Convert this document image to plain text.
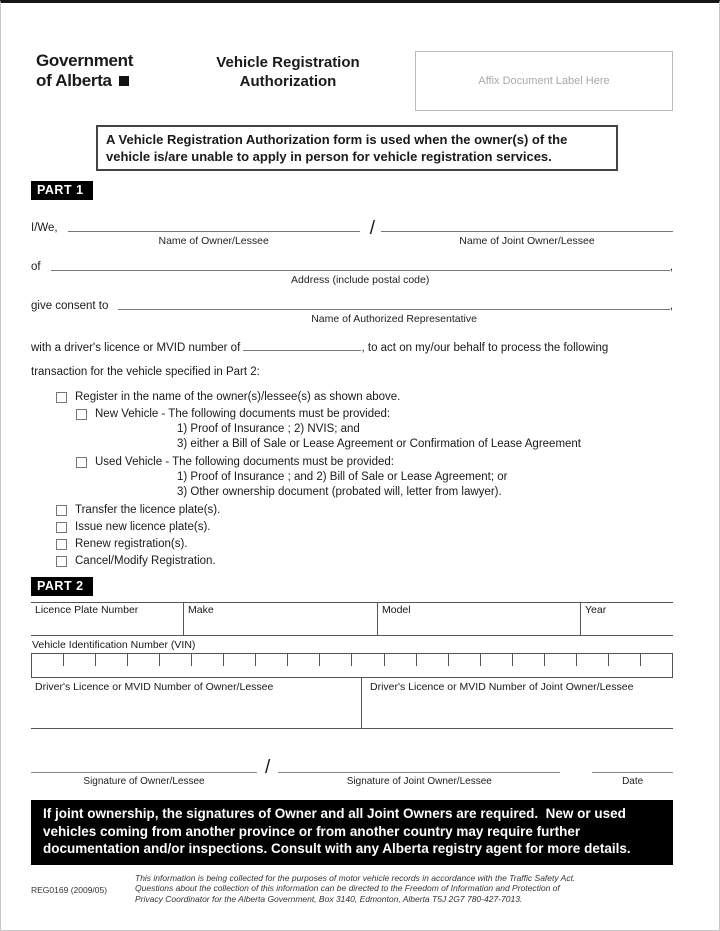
Government
of Alberta
Vehicle Registration
Authorization	Affix Document Label Here
A Vehicle Registration Authorization form is used when the owner(s) of the vehicle is/are unable to apply in person for vehicle registration services.
PART 1
I/We,
Name of Owner/Lessee
/
Name of Joint Owner/Lessee
of
Address (include postal code)
,
give consent to
Name of Authorized Representative
,
with a driver's licence or MVID number of	, to act on my/our behalf to process the following
transaction for the vehicle specified in Part 2:
Register in the name of the owner(s)/lessee(s) as shown above.
New Vehicle - The following documents must be provided:
1) Proof of Insurance ; 2) NVIS; and
3) either a Bill of Sale or Lease Agreement or Confirmation of Lease Agreement
Used Vehicle - The following documents must be provided:
1) Proof of Insurance ; and 2) Bill of Sale or Lease Agreement; or
3) Other ownership document (probated will, letter from lawyer).
Transfer the licence plate(s).
Issue new licence plate(s).
Renew registration(s).
Cancel/Modify Registration.
PART 2
Licence Plate Number	Make	Model	Year
Vehicle Identification Number (VIN)
Driver's Licence or MVID Number of Owner/Lessee	Driver's Licence or MVID Number of Joint Owner/Lessee
Signature of Owner/Lessee
/
Signature of Joint Owner/Lessee	Date
If joint ownership, the signatures of Owner and all Joint Owners are required.  New or used vehicles coming from another province or from another country may require further documentation and/or inspections. Consult with any Alberta registry agent for more details.
REG0169 (2009/05)
This information is being collected for the purposes of motor vehicle records in accordance with the Traffic Safety Act. Questions about the collection of this information can be directed to the Freedom of Information and Protection of Privacy Coordinator for the Alberta Government, Box 3140, Edmonton, Alberta T5J 2G7 780-427-7013.
